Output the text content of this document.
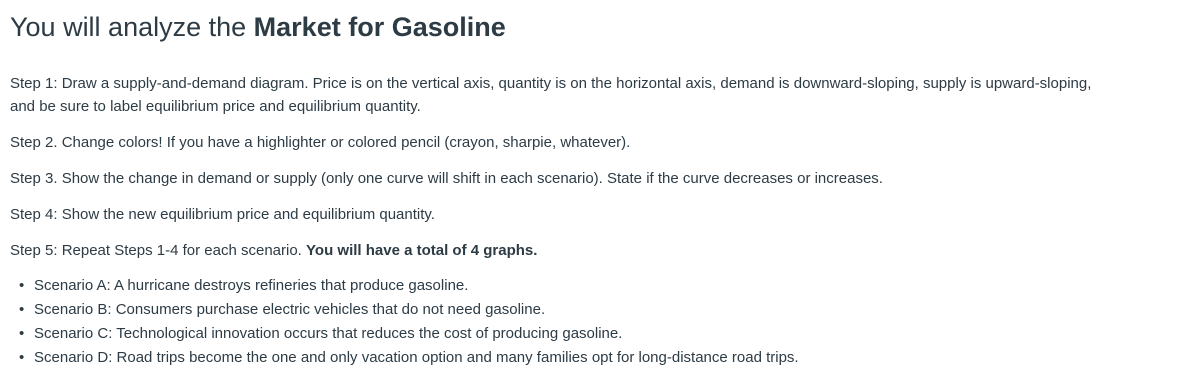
You will analyze the Market for Gasoline

Step 1: Draw a supply-and-demand diagram. Price is on the vertical axis, quantity is on the horizontal axis, demand is downward-sloping, supply is upward-sloping, and be sure to label equilibrium price and equilibrium quantity.

Step 2. Change colors! If you have a highlighter or colored pencil (crayon, sharpie, whatever).

Step 3. Show the change in demand or supply (only one curve will shift in each scenario). State if the curve decreases or increases.

Step 4: Show the new equilibrium price and equilibrium quantity.

Step 5: Repeat Steps 1-4 for each scenario. You will have a total of 4 graphs.

• Scenario A: A hurricane destroys refineries that produce gasoline.
• Scenario B: Consumers purchase electric vehicles that do not need gasoline.
• Scenario C: Technological innovation occurs that reduces the cost of producing gasoline.
• Scenario D: Road trips become the one and only vacation option and many families opt for long-distance road trips.
